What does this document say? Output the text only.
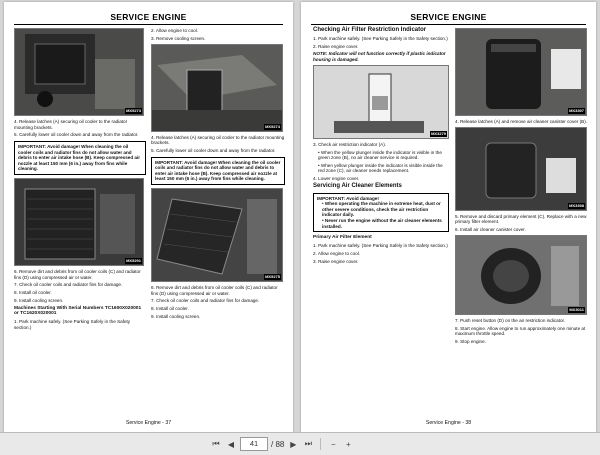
SERVICE ENGINE
MX5273

4. Release latches (A) securing oil cooler to the radiator mounting brackets.

5. Carefully lower oil cooler down and away from the radiator.

IMPORTANT: Avoid damage! When cleaning the oil cooler coils and radiator fins do not allow water and debris to enter air intake hose (B). Keep compressed air nozzle at least 150 mm (6 in.) away from fins while cleaning.
MX5291

6. Remove dirt and debris from oil cooler coils (C) and radiator fins (D) using compressed air or water.

7. Check oil cooler coils and radiator fins for damage.

8. Install oil cooler.

9. Install cooling screen.

Machines Starting With Serial Numbers TC1600X020001 or TC1620X020001

1. Park machine safely. (See Parking Safely in the Safety section.)

2. Allow engine to cool.

3. Remove cooling screen.

MX5274

4. Release latches (A) securing oil cooler to the radiator mounting brackets.

5. Carefully lower oil cooler down and away from the radiator.

IMPORTANT: Avoid damage! When cleaning the oil cooler coils and radiator fins do not allow water and debris to enter air intake hose (B). Keep compressed air nozzle at least 150 mm (6 in.) away from fins while cleaning.
MX5275

6. Remove dirt and debris from oil cooler coils (C) and radiator fins (D) using compressed air or water.

7. Check oil cooler coils and radiator fins for damage.

8. Install oil cooler.

9. Install cooling screen.

Service Engine - 37
SERVICE ENGINE

Checking Air Filter Restriction Indicator

1. Park machine safely. (See Parking Safely in the Safety section.)

2. Raise engine cover.

NOTE: Indicator will not function correctly if plastic indicator housing is damaged.

MX3279

3. Check air restriction indicator (A).

• When the yellow plunger inside the indicator is visible in the green zone (B), no air cleaner service is required.

• When yellow plunger inside the indicator is visible inside the red zone (C), air cleaner needs replacement.

4. Lower engine cover.

Servicing Air Cleaner Elements

IMPORTANT: Avoid damage!
• When operating the machine in extreme heat, dust or other severe conditions, check the air restriction indicator daily.
• Never run the engine without the air cleaner elements installed.

Primary Air Filter Element

1. Park machine safely. (See Parking Safely in the Safety section.)

2. Allow engine to cool.

3. Raise engine cover.

MX3397

4. Release latches (A) and remove air cleaner canister cover (B).

MX3398

5. Remove and discard primary element (C). Replace with a new primary filter element.

6. Install air cleaner canister cover.

MX3011

7. Push reset button (D) on the air restriction indicator.

8. Start engine. Allow engine to run approximately one minute at maximum throttle speed.

9. Stop engine.

Service Engine - 38
⏮	◀	41	/ 88 ▶	⏭	−	+
